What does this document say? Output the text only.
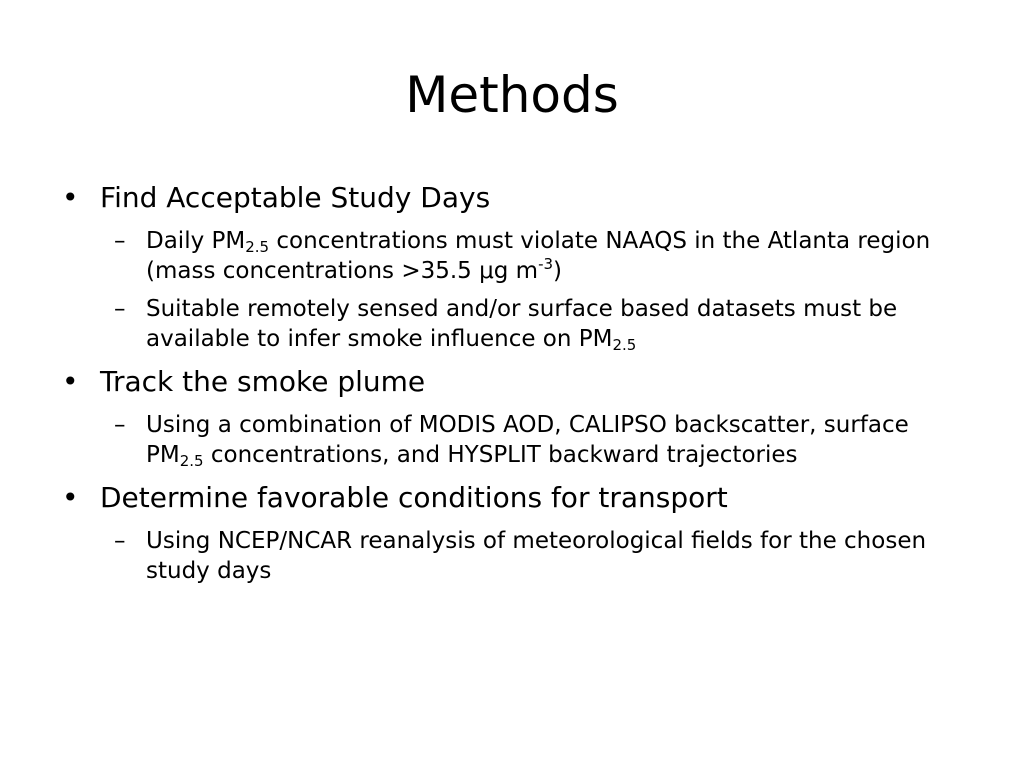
Methods
• Find Acceptable Study Days
– Daily $PM_{2.5}$ concentrations must violate NAAQS in the Atlanta region (mass concentrations >35.5 μg $m^{-3}$)
– Suitable remotely sensed and/or surface based datasets must be available to infer smoke influence on $PM_{2.5}$
• Track the smoke plume
– Using a combination of MODIS AOD, CALIPSO backscatter, surface $PM_{2.5}$ concentrations, and HYSPLIT backward trajectories
• Determine favorable conditions for transport
– Using NCEP/NCAR reanalysis of meteorological fields for the chosen study days
